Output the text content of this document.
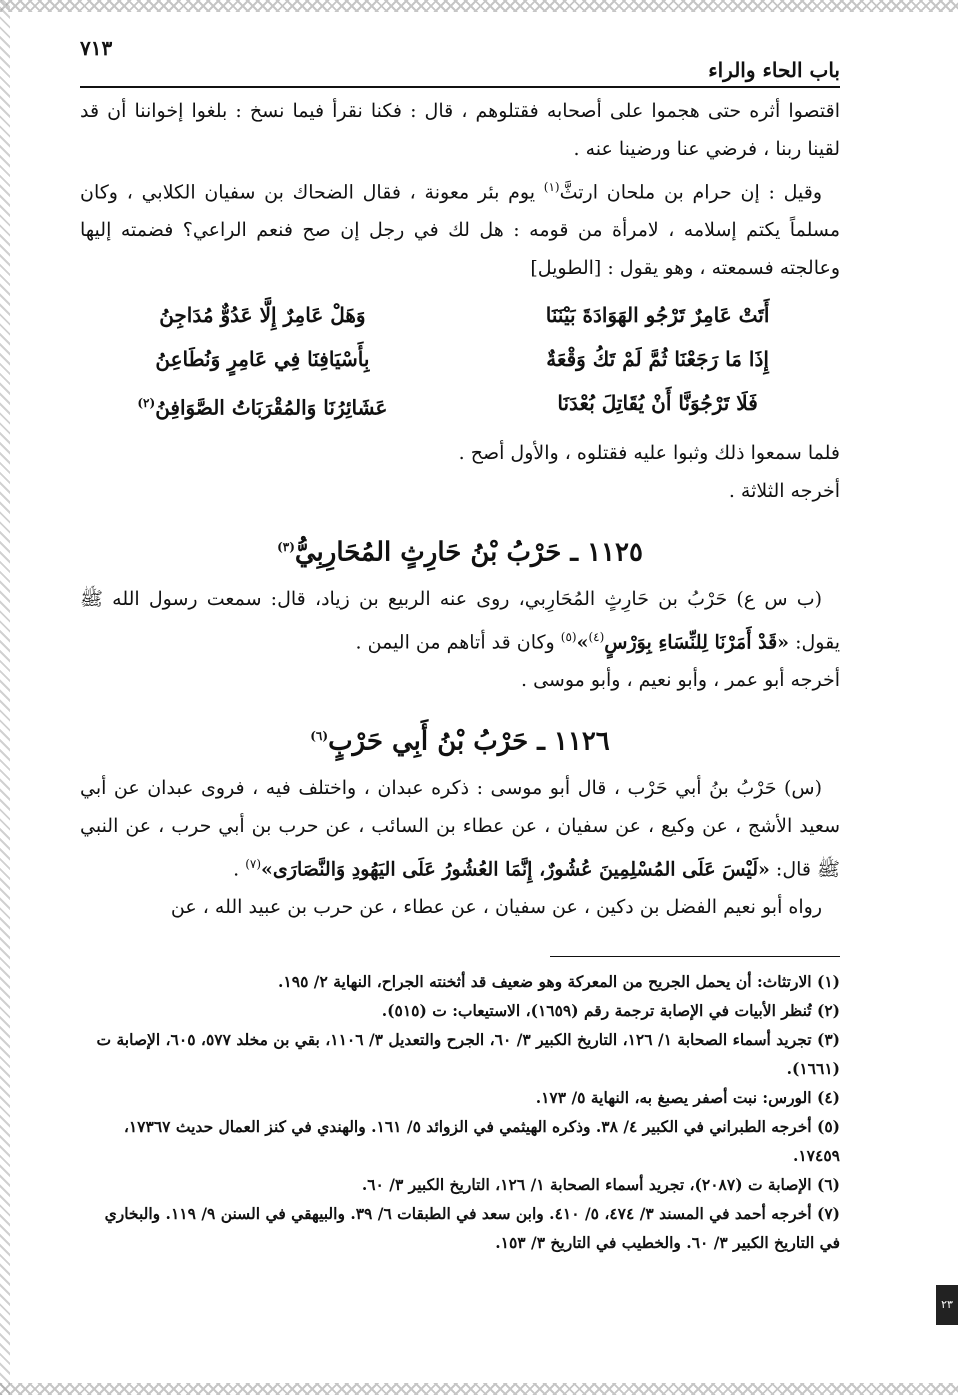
٢٣
باب الحاء والراء
٧١٣

اقتصوا أثره حتى هجموا على أصحابه فقتلوهم ، قال : فكنا نقرأ فيما نسخ : بلغوا إخواننا أن قد لقينا ربنا ، فرضي عنا ورضينا عنه .

وقيل : إن حرام بن ملحان ارتثَّ$^{(١)}$ يوم بئر معونة ، فقال الضحاك بن سفيان الكلابي ، وكان مسلماً يكتم إسلامه ، لامرأة من قومه : هل لك في رجل إن صح فنعم الراعي؟ فضمته إليها وعالجته فسمعته ، وهو يقول : [الطويل]

أَتَتْ عَامِرٌ تَرْجُو الهَوَادَةَ بَيْنَنَا
وَهَلْ عَامِرٌ إِلَّا عَدُوٌّ مُدَاجِنُ
إِذَا مَا رَجَعْنَا ثُمَّ لَمْ تَكُ وَقْعَةٌ
بِأَسْيَافِنَا فِي عَامِرٍ وَنُطَاعِنُ
فَلَا تَرْجُوَنَّا أَنْ يُقَاتِلَ بُعْدَنَا
عَشَائِرُنَا وَالمُقْرَبَاتُ الصَّوَافِنُ$^{(٢)}$

فلما سمعوا ذلك وثبوا عليه فقتلوه ، والأول أصح .

أخرجه الثلاثة .

١١٢٥ ـ حَرْبُ بْنُ حَارِثٍ المُحَارِبِيُّ$^{(٣)}$

(ب س ع) حَرْبُ بن حَارِثٍ المُحَارِبي، روى عنه الربيع بن زياد، قال: سمعت رسول الله ﷺ يقول: «قَدْ أَمَرْنَا لِلنِّسَاءِ بِوَرْسٍ$^{(٤)}$»$^{(٥)}$ وكان قد أتاهم من اليمن .

أخرجه أبو عمر ، وأبو نعيم ، وأبو موسى .

١١٢٦ ـ حَرْبُ بْنُ أَبِي حَرْبٍ$^{(٦)}$

(س) حَرْبُ بنُ أبي حَرْب ، قال أبو موسى : ذكره عبدان ، واختلف فيه ، فروى عبدان عن أبي سعيد الأشج ، عن وكيع ، عن سفيان ، عن عطاء بن السائب ، عن حرب بن أبي حرب ، عن النبي ﷺ قال: «لَيْسَ عَلَى المُسْلِمِينَ عُشُورٌ، إِنَّمَا العُشُورُ عَلَى اليَهُودِ وَالنَّصَارَى»$^{(٧)}$ .

رواه أبو نعيم الفضل بن دكين ، عن سفيان ، عن عطاء ، عن حرب بن عبيد الله ، عن

(١) الارتثاث: أن يحمل الجريح من المعركة وهو ضعيف قد أثخنته الجراح، النهاية ٢/ ١٩٥.

(٢) تُنظر الأبيات في الإصابة ترجمة رقم (١٦٥٩)، الاستيعاب: ت (٥١٥).

(٣) تجريد أسماء الصحابة ١/ ١٢٦، التاريخ الكبير ٣/ ٦٠، الجرح والتعديل ٣/ ١١٠٦، بقي بن مخلد ٥٧٧، ٦٠٥، الإصابة ت (١٦٦١).

(٤) الورس: نبت أصفر يصبغ به، النهاية ٥/ ١٧٣.

(٥) أخرجه الطبراني في الكبير ٤/ ٣٨. وذكره الهيثمي في الزوائد ٥/ ١٦١. والهندي في كنز العمال حديث ١٧٣٦٧، ١٧٤٥٩.

(٦) الإصابة ت (٢٠٨٧)، تجريد أسماء الصحابة ١/ ١٢٦، التاريخ الكبير ٣/ ٦٠.

(٧) أخرجه أحمد في المسند ٣/ ٤٧٤، ٥/ ٤١٠. وابن سعد في الطبقات ٦/ ٣٩. والبيهقي في السنن ٩/ ١١٩. والبخاري في التاريخ الكبير ٣/ ٦٠. والخطيب في التاريخ ٣/ ١٥٣.
